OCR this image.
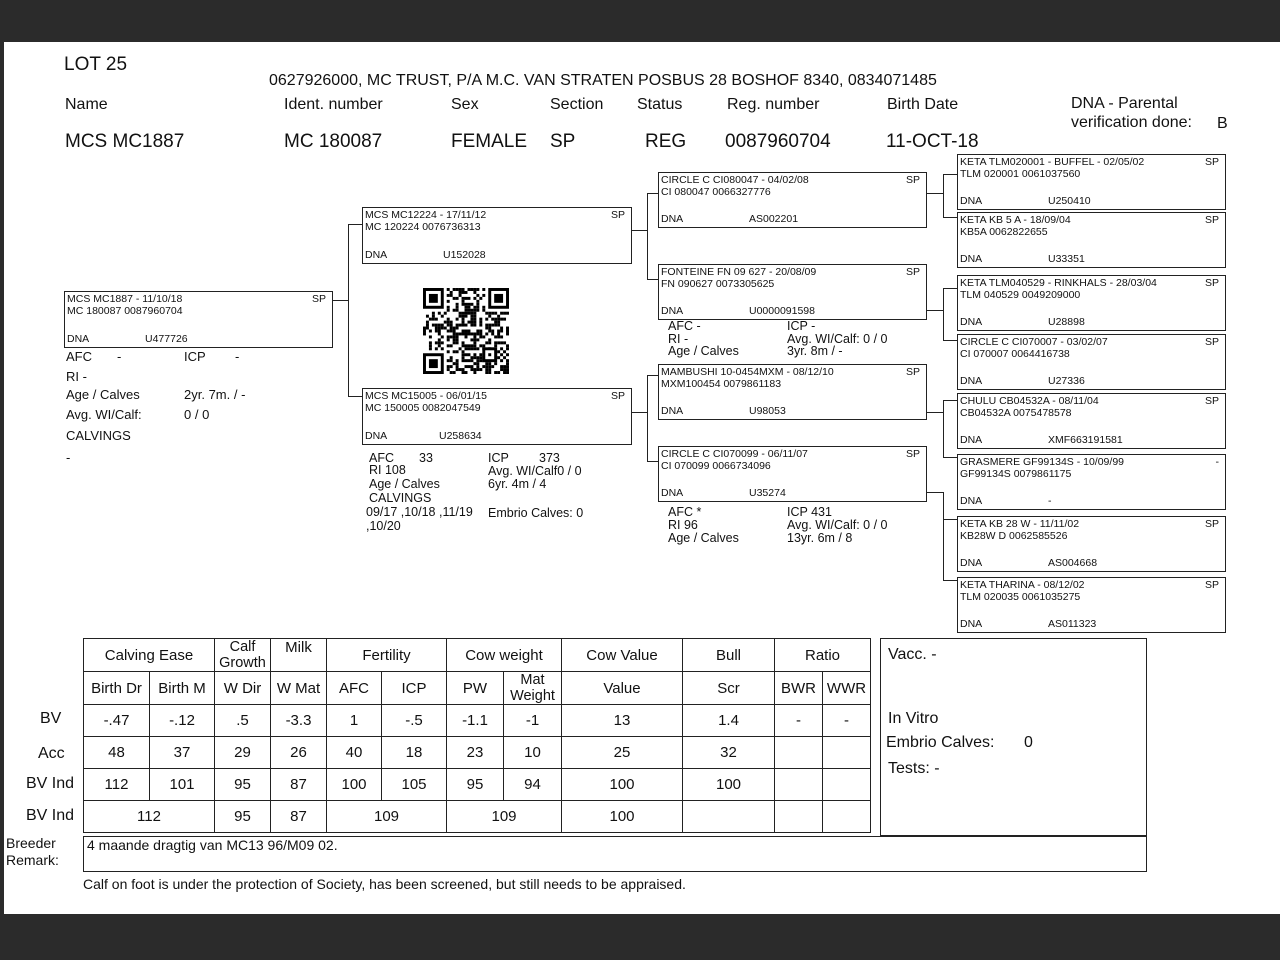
LOT 25
0627926000, MC TRUST, P/A M.C. VAN STRATEN POSBUS 28 BOSHOF 8340, 0834071485
Name	Ident. number	Sex	Section Status	Reg. number	Birth Date	DNA - Parental
verification done:
MCS MC1887	MC 180087	FEMALE SP	REG 0087960704	11-OCT-18
B
MCS MC1887 - 11/10/18	SP
MC 180087 0087960704
DNA	U477726
AFC -	ICP -
RI -
Age / Calves	2yr. 7m. / -
Avg. WI/Calf:	0 / 0
CALVINGS
-
MCS MC12224 - 17/11/12	SP
MC 120224 0076736313
DNA	U152028
MCS MC15005 - 06/01/15	SP
MC 150005 0082047549
DNA	U258634
AFC 33	ICP 373
RI 108	Avg. WI/Calf0 / 0
Age / Calves	6yr. 4m / 4
CALVINGS
09/17 ,10/18 ,11/19
,10/20
Embrio Calves: 0
CIRCLE C CI080047 - 04/02/08	SP
CI 080047 0066327776
DNA	AS002201
FONTEINE FN 09 627 - 20/08/09	SP
FN 090627 0073305625
DNA	U0000091598
AFC -	ICP -
RI -	Avg. WI/Calf: 0 / 0
Age / Calves	3yr. 8m / -
MAMBUSHI 10-0454MXM - 08/12/10	SP
MXM100454 0079861183
DNA	U98053
CIRCLE C CI070099 - 06/11/07	SP
CI 070099 0066734096
DNA	U35274
AFC *	ICP 431
RI 96	Avg. WI/Calf: 0 / 0
Age / Calves	13yr. 6m / 8
KETA TLM020001 - BUFFEL - 02/05/02	SP
TLM 020001 0061037560
DNA	U250410
KETA KB 5 A - 18/09/04	SP
KB5A 0062822655
DNA	U33351
KETA TLM040529 - RINKHALS - 28/03/04	SP
TLM 040529 0049209000
DNA	U28898
CIRCLE C CI070007 - 03/02/07	SP
CI 070007 0064416738
DNA	U27336
CHULU CB04532A - 08/11/04	SP
CB04532A 0075478578
DNA	XMF663191581
GRASMERE GF99134S - 10/09/99	-
GF99134S 0079861175
DNA	-
KETA KB 28 W - 11/11/02	SP
KB28W D 0062585526
DNA	AS004668
KETA THARINA - 08/12/02	SP
TLM 020035 0061035275
DNA	AS011323
BV
Acc
BV Ind
BV Ind
Calving Ease		Calf Growth	Milk	Fertility		Cow weight		Cow Value	Bull	Ratio	
Birth Dr	Birth M	W Dir	W Mat	AFC	ICP	PW	Mat Weight	Value	Scr	BWR	WWR
-.47	-.12	.5	-3.3	1	-.5	-1.1	-1	13	1.4	-	-
48	37	29	26	40	18	23	10	25	32		
112	101	95	87	100	105	95	94	100	100		
112		95	87	109		109		100			
Vacc. -
In Vitro
Embrio Calves: 0
Tests: -
Breeder
Remark:
4 maande dragtig van MC13 96/M09 02.
Calf on foot is under the protection of Society, has been screened, but still needs to be appraised.
